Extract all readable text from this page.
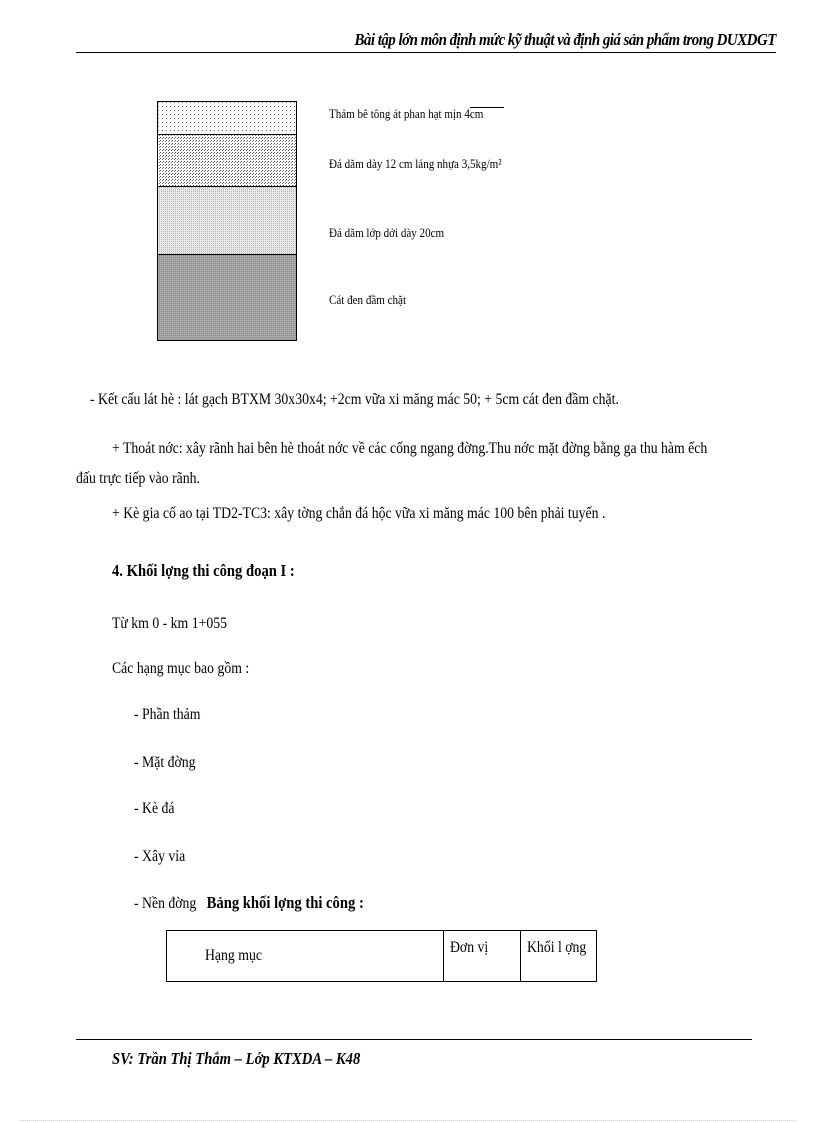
Bài tập lớn môn định mức kỹ thuật và định giá sản phẩm trong DUXDGT
Thảm bê tông át phan hạt mịn 4cm
Đá dăm dày 12 cm láng nhựa 3,5kg/m²
Đá dăm lớp dới dày 20cm
Cát đen đầm chặt
- Kết cấu lát hè : lát gạch BTXM 30x30x4; +2cm vữa xi măng mác 50; + 5cm cát đen đầm chặt.
+ Thoát nớc: xây rãnh hai bên hè thoát nớc về các cống ngang đờng.Thu nớc mặt đờng bằng ga thu hàm ếch
đấu trực tiếp vào rãnh.
+ Kè gia cố ao tại TD2-TC3: xây tờng chắn đá hộc vữa xi măng mác 100 bên phải tuyến .
4. Khối lợng thi công đoạn I :
Từ km 0 - km 1+055
Các hạng mục bao gồm :
- Phần thảm
- Mặt đờng
- Kè đá
- Xây vỉa
- Nền đờng Bảng khối lợng thi công :
Hạng mục	Đơn vị	Khối l ợng
SV: Trần Thị Thắm – Lớp KTXDA – K48
